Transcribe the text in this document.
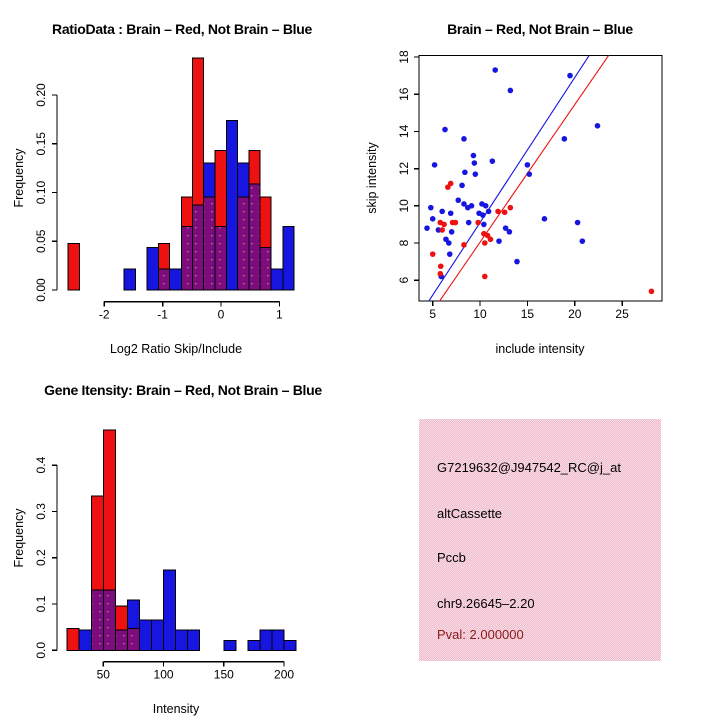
-2	-1	0	1
0.00
0.05
0.10
0.15
0.20
5	10	15	20	25
6
8
10
12
14
16
18
50	100	150	200
0.0
0.1
0.2
0.3
0.4
RatioData : Brain – Red, Not Brain – Blue	Brain – Red, Not Brain – Blue
Gene Itensity: Brain – Red, Not Brain – Blue
Log2 Ratio Skip/Include
Frequency
include intensity
skip intensity
Intensity
Frequency
G7219632@J947542_RC@j_at
altCassette
Pccb
chr9.26645–2.20
Pval: 2.000000
